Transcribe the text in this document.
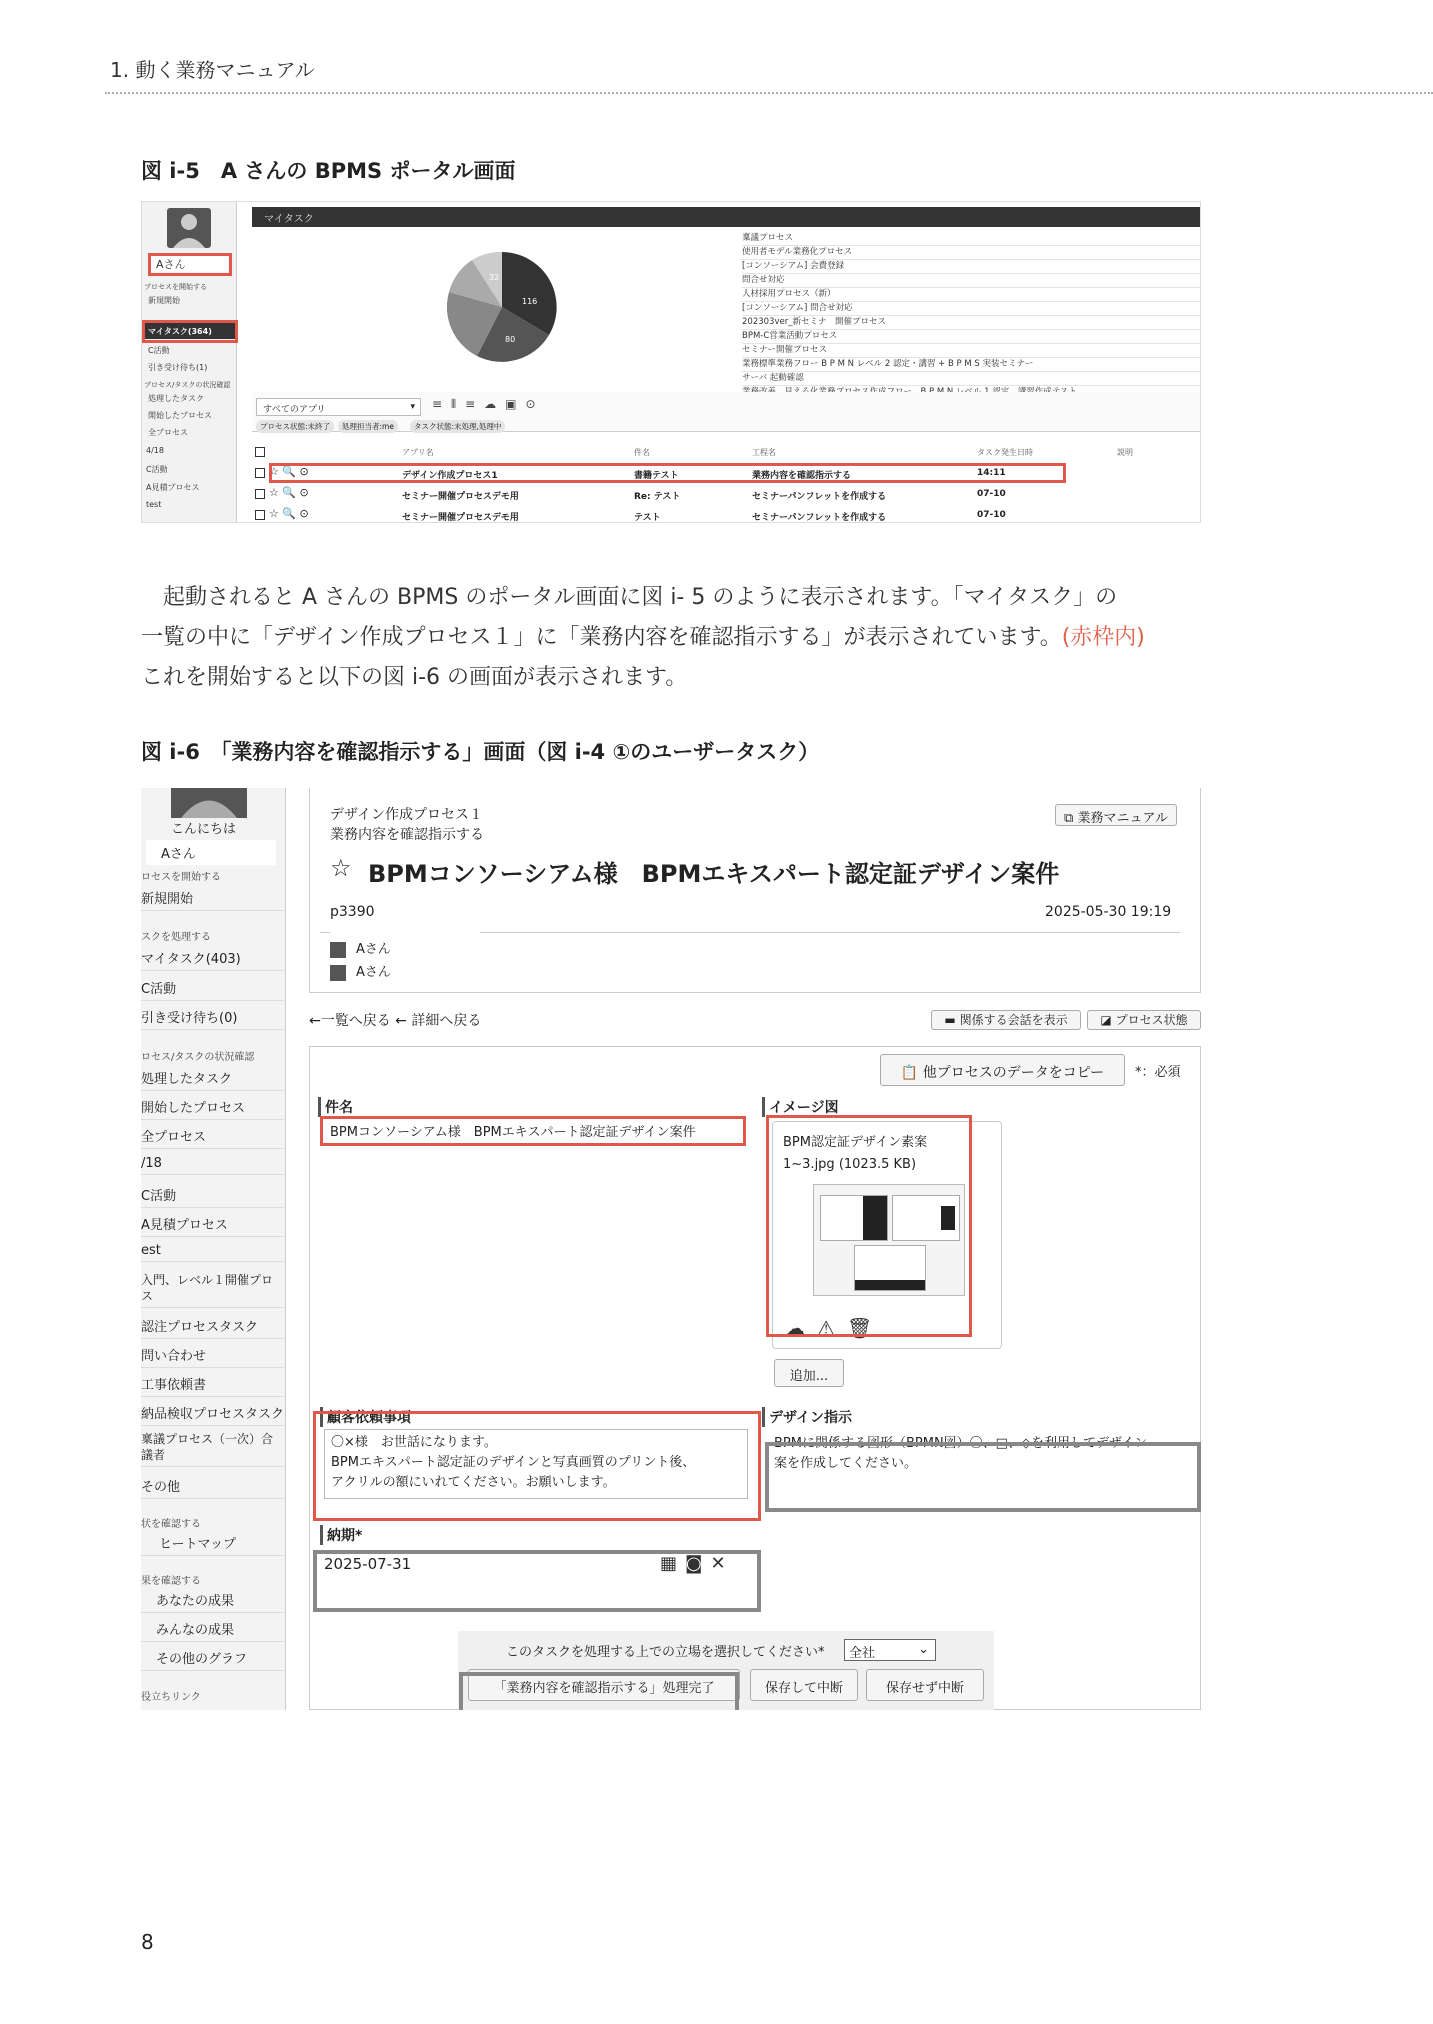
1. 動く業務マニュアル
図 i-5　A さんの BPMS ポータル画面
Aさん
プロセスを開始する
新規開始
マイタスク(364)
C活動
引き受け待ち(1)
プロセス/タスクの状況確認
処理したタスク
開始したプロセス
全プロセス
4/18
C活動
A見積プロセス
test
マイタスク
32
116
80
稟議プロセス
使用者モデル業務化プロセス
[コンソーシアム] 会費登録
問合せ対応
人材採用プロセス（新）
[コンソーシアム] 問合せ対応
202303ver_新セミナ　開催プロセス
BPM-C営業活動プロセス
セミナー開催プロセス
業務標準業務フロー B P M N レベル 2 認定・講習 + B P M S 実装セミナー
サーバ 起動確認
すべてのアプリ	▾ ≡⫴≡☁▣⊙
プロセス状態:未終了	処理担当者:me	タスク状態:未処理,処理中
アプリ名	件名	工程名	タスク発生日時	説明
☆ 🔍 ⊙	デザイン作成プロセス1	書籍テスト	業務内容を確認指示する	14:11
☆ 🔍 ⊙	セミナー開催プロセスデモ用	Re: テスト	セミナーパンフレットを作成する	07-10
☆ 🔍 ⊙	セミナー開催プロセスデモ用	テスト	セミナーパンフレットを作成する	07-10

起動されると A さんの BPMS のポータル画面に図 i- 5 のように表示されます。「マイタスク」の

一覧の中に「デザイン作成プロセス１」に「業務内容を確認指示する」が表示されています。(赤枠内)

これを開始すると以下の図 i-6 の画面が表示されます。

図 i-6　「業務内容を確認指示する」画面（図 i-4 ①のユーザータスク）
こんにちは
Aさん
ロセスを開始する
新規開始
スクを処理する
マイタスク(403)
C活動
引き受け待ち(0)
ロセス/タスクの状況確認
処理したタスク
開始したプロセス
全プロセス
/18
C活動
A見積プロセス
est
入門、レベル１開催プロ
ス
認注プロセスタスク
問い合わせ
工事依頼書
納品検収プロセスタスク
稟議プロセス（一次）合
議者
その他
状を確認する
ヒートマップ
果を確認する
あなたの成果
みんなの成果
その他のグラフ
役立ちリンク
デザイン作成プロセス１
業務内容を確認指示する
⧉ 業務マニュアル
☆ BPMコンソーシアム様　BPMエキスパート認定証デザイン案件
p3390	2025-05-30 19:19
Aさん
Aさん
←一覧へ戻る ← 詳細へ戻る	▬ 関係する会話を表示	◪ プロセス状態
📋 他プロセスのデータをコピー	*：必須
件名
BPMコンソーシアム様　BPMエキスパート認定証デザイン案件
イメージ図
BPM認定証デザイン素案
1~3.jpg (1023.5 KB)
☁⚠🗑
追加...
顧客依頼事項
〇×様　お世話になります。
BPMエキスパート認定証のデザインと写真画質のプリント後、
アクリルの額にいれてください。お願いします。
デザイン指示
BPMに関係する図形（BPMN図）〇、□、◇を利用してデザイン
案を作成してください。
納期*
2025-07-31	▦◙✕
このタスクを処理する上での立場を選択してください*	全社	⌄
「業務内容を確認指示する」処理完了	保存して中断	保存せず中断
8
